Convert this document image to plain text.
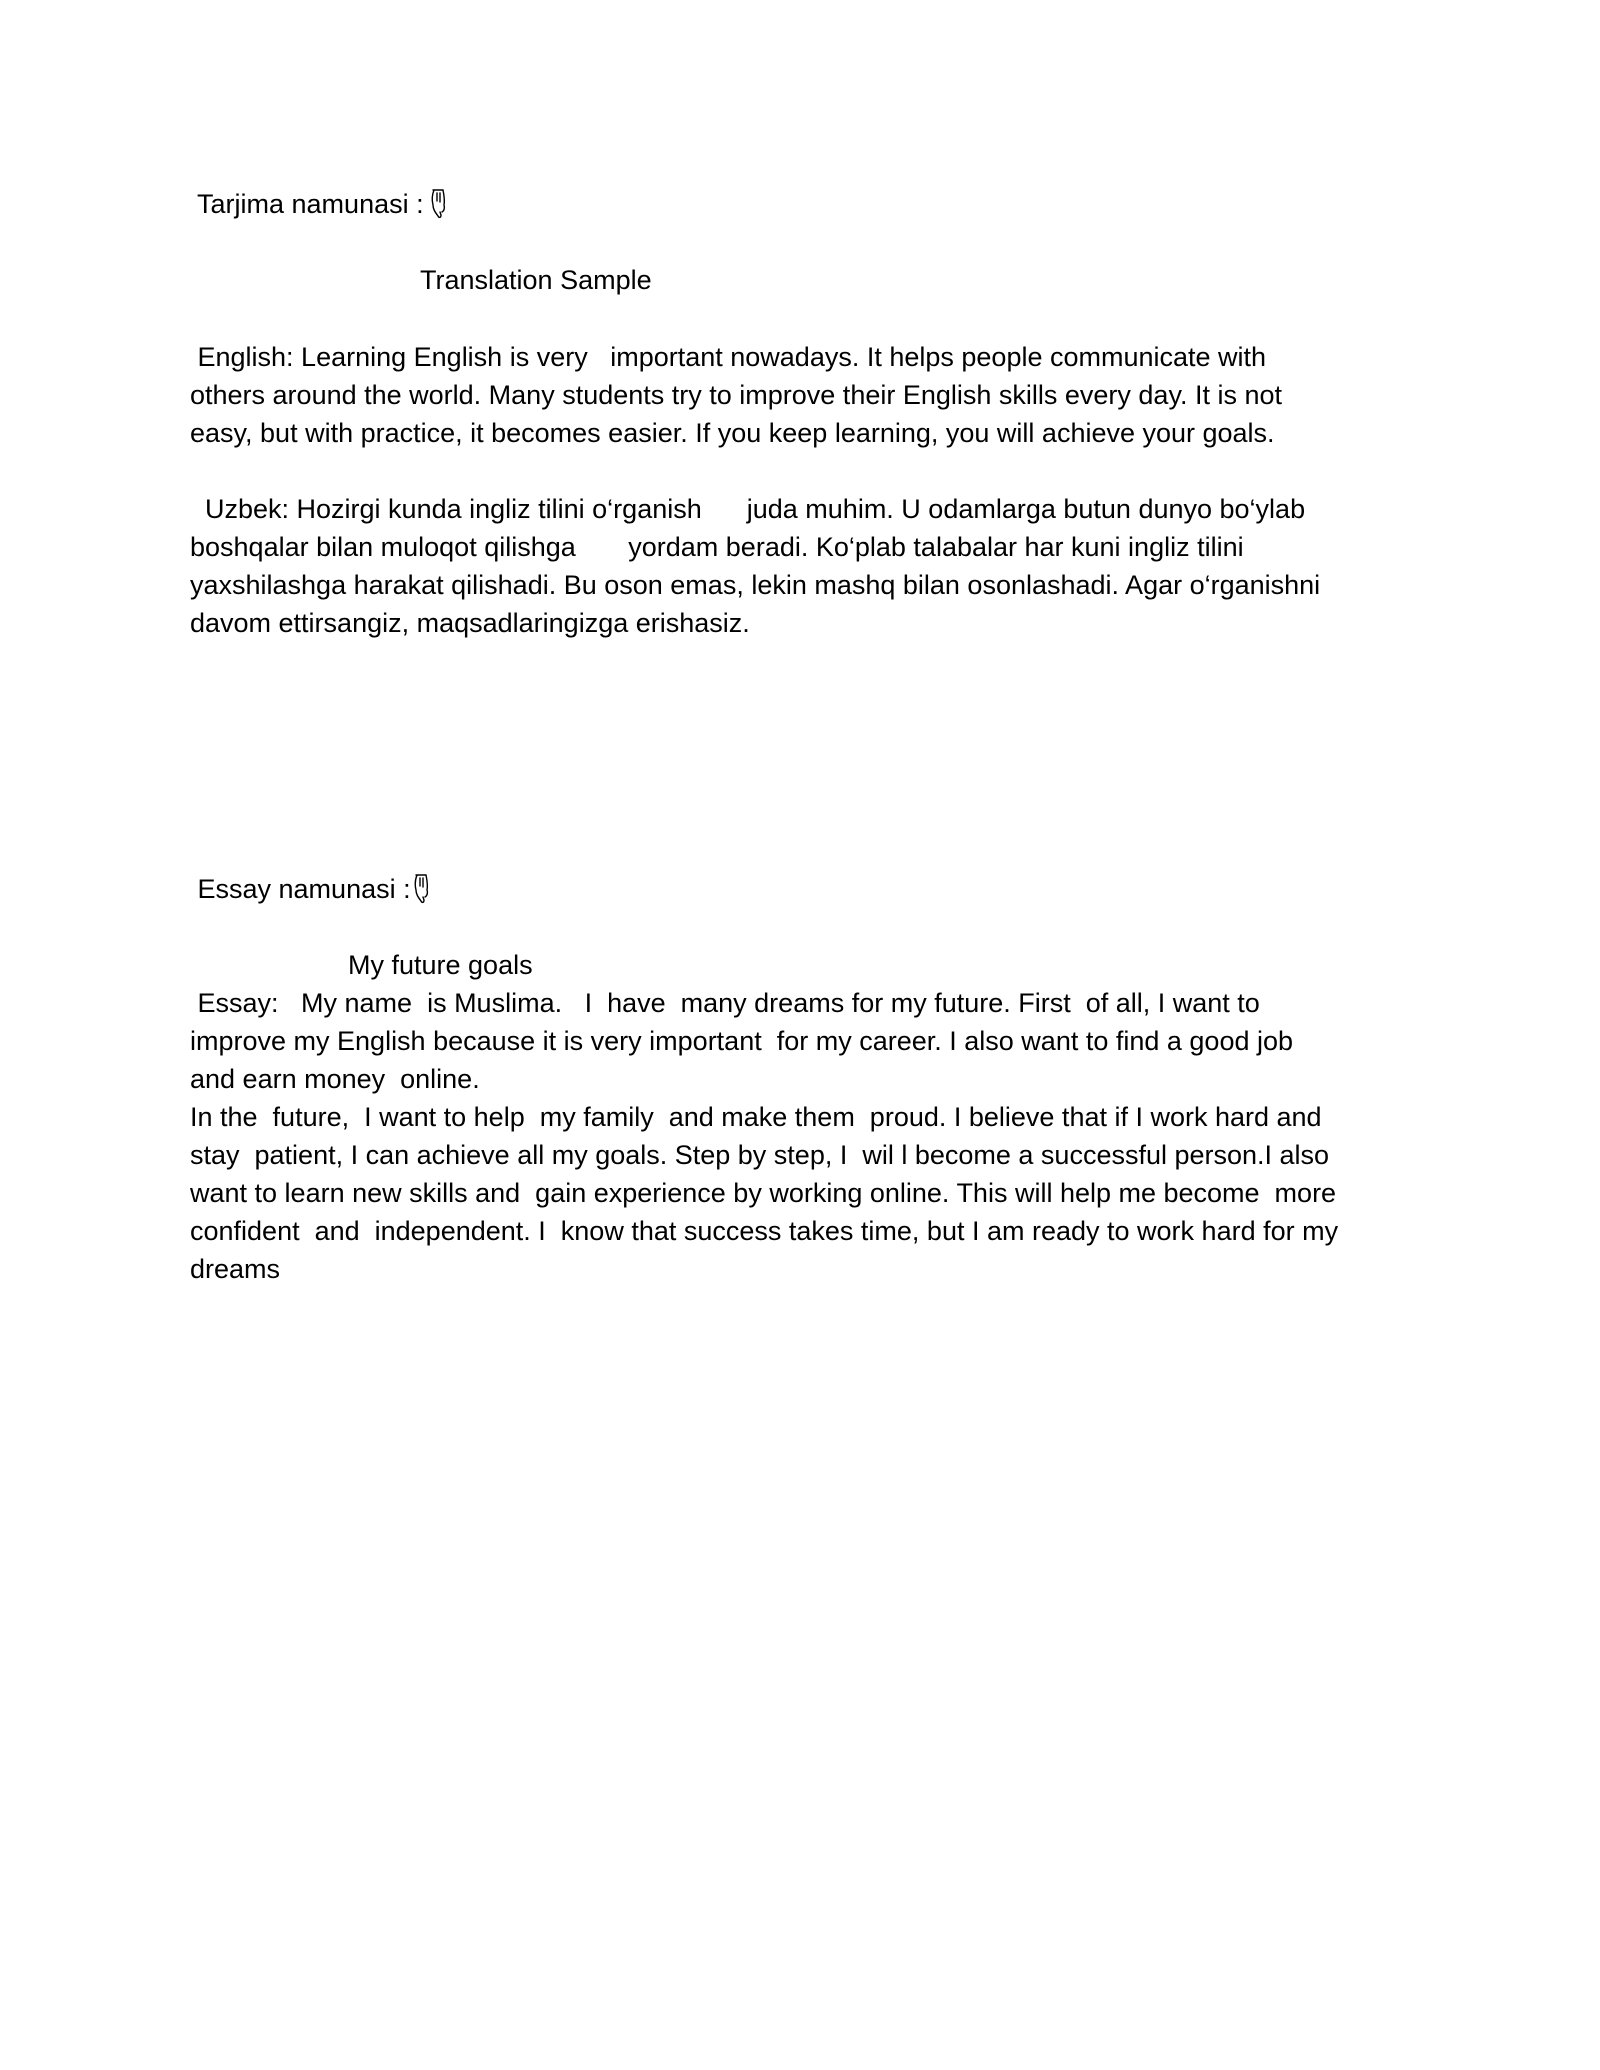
Tarjima namunasi :

Translation Sample

English: Learning English is very   important nowadays. It helps people communicate with

others around the world. Many students try to improve their English skills every day. It is not

easy, but with practice, it becomes easier. If you keep learning, you will achieve your goals.

Uzbek: Hozirgi kunda ingliz tilini o‘rganish      juda muhim. U odamlarga butun dunyo bo‘ylab

boshqalar bilan muloqot qilishga       yordam beradi. Ko‘plab talabalar har kuni ingliz tilini

yaxshilashga harakat qilishadi. Bu oson emas, lekin mashq bilan osonlashadi. Agar o‘rganishni

davom ettirsangiz, maqsadlaringizga erishasiz.

Essay namunasi :

My future goals

Essay:   My name  is Muslima.   I  have  many dreams for my future. First  of all, I want to

improve my English because it is very important  for my career. I also want to find a good job

and earn money  online.

In the  future,  I want to help  my family  and make them  proud. I believe that if I work hard and

stay  patient, I can achieve all my goals. Step by step, I  wil l become a successful person.I also

want to learn new skills and  gain experience by working online. This will help me become  more

confident  and  independent. I  know that success takes time, but I am ready to work hard for my

dreams
